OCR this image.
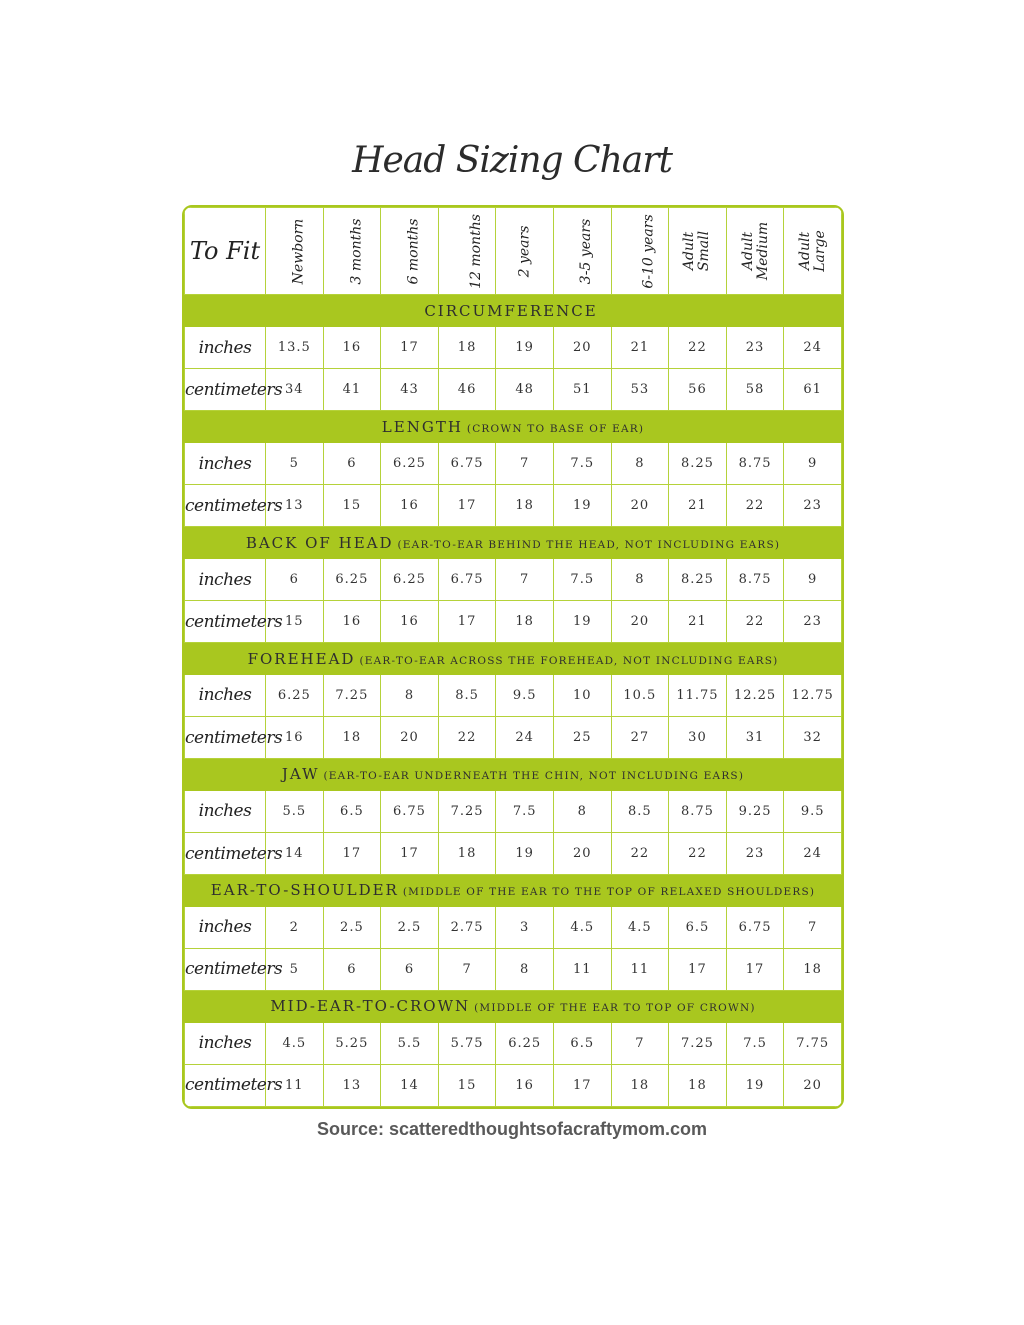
Head Sizing Chart
To Fit	Newborn	3 months	6 months	12 months	2 years	3-5 years	6-10 years	Adult Small	Adult Medium	Adult Large

CIRCUMFERENCE										
inches	13.5	16	17	18	19	20	21	22	23	24
centimeters	34	41	43	46	48	51	53	56	58	61
LENGTH (CROWN TO BASE OF EAR)										
inches	5	6	6.25	6.75	7	7.5	8	8.25	8.75	9
centimeters	13	15	16	17	18	19	20	21	22	23
BACK OF HEAD (EAR-TO-EAR BEHIND THE HEAD, NOT INCLUDING EARS)										
inches	6	6.25	6.25	6.75	7	7.5	8	8.25	8.75	9
centimeters	15	16	16	17	18	19	20	21	22	23
FOREHEAD (EAR-TO-EAR ACROSS THE FOREHEAD, NOT INCLUDING EARS)										
inches	6.25	7.25	8	8.5	9.5	10	10.5	11.75	12.25	12.75
centimeters	16	18	20	22	24	25	27	30	31	32
JAW (EAR-TO-EAR UNDERNEATH THE CHIN, NOT INCLUDING EARS)										
inches	5.5	6.5	6.75	7.25	7.5	8	8.5	8.75	9.25	9.5
centimeters	14	17	17	18	19	20	22	22	23	24
EAR-TO-SHOULDER (MIDDLE OF THE EAR TO THE TOP OF RELAXED SHOULDERS)										
inches	2	2.5	2.5	2.75	3	4.5	4.5	6.5	6.75	7
centimeters	5	6	6	7	8	11	11	17	17	18
MID-EAR-TO-CROWN (MIDDLE OF THE EAR TO TOP OF CROWN)										
inches	4.5	5.25	5.5	5.75	6.25	6.5	7	7.25	7.5	7.75
centimeters	11	13	14	15	16	17	18	18	19	20
Source: scatteredthoughtsofacraftymom.com
